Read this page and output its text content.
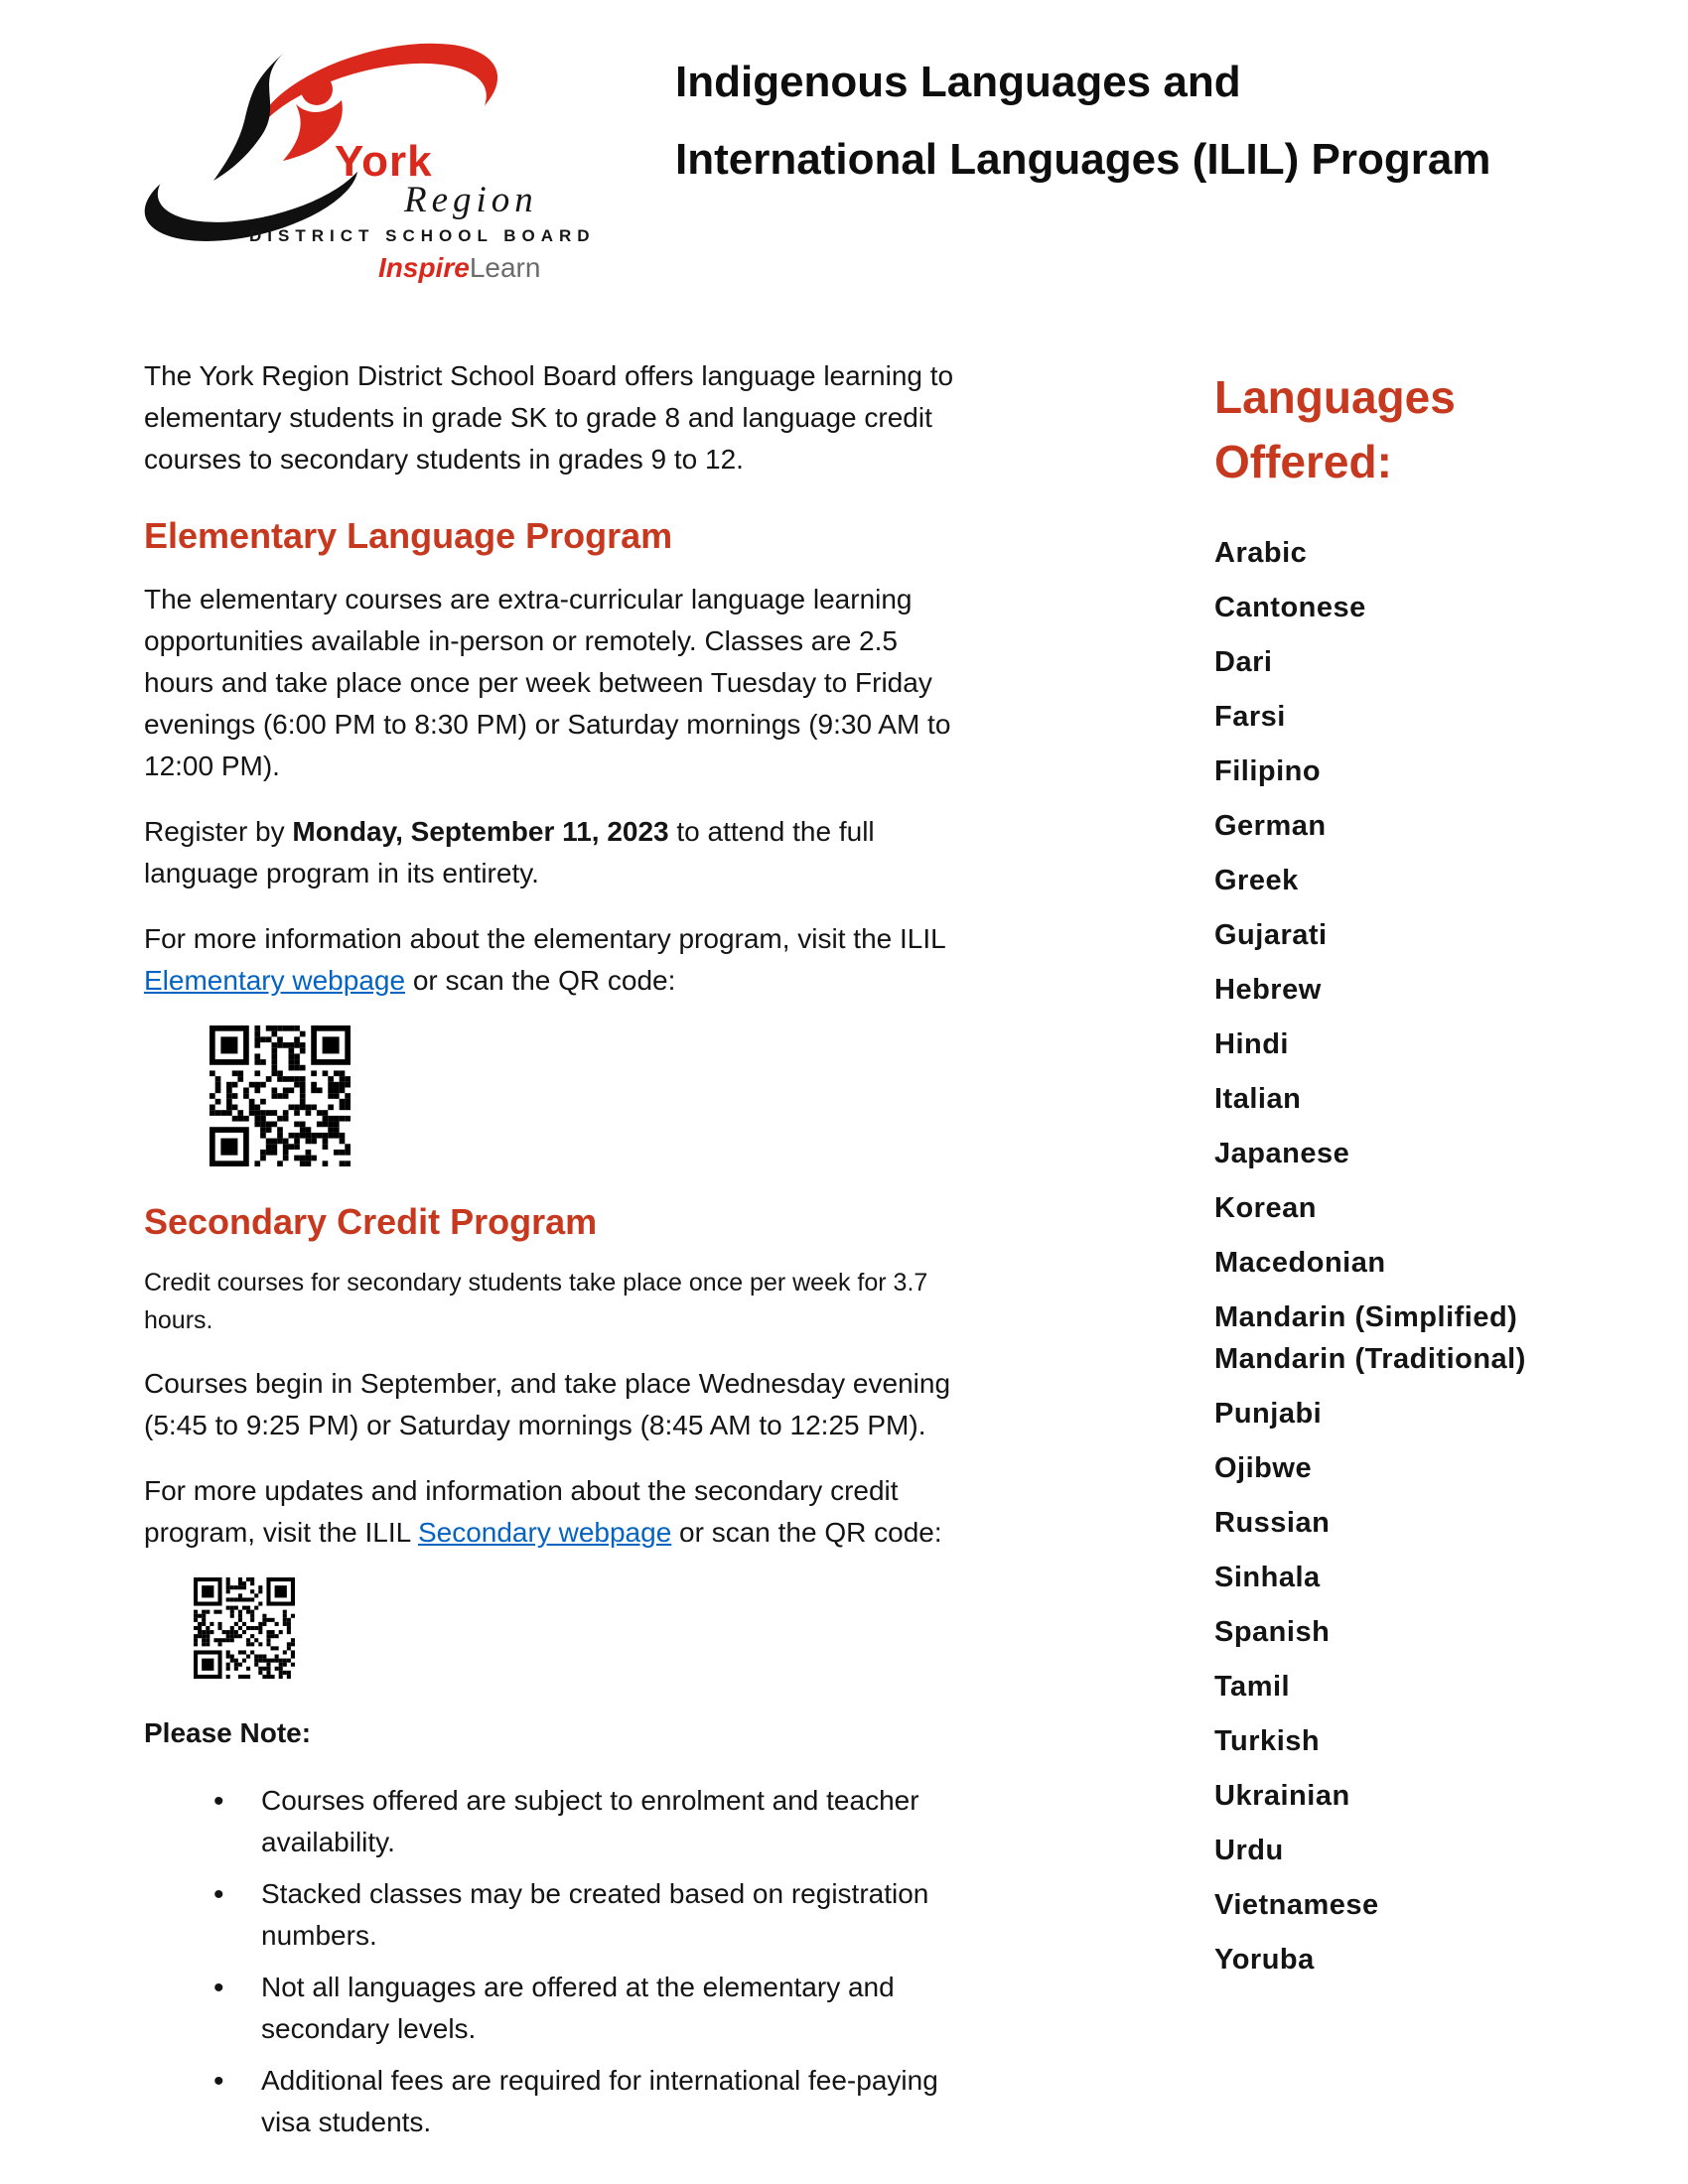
York
Region
DISTRICT SCHOOL BOARD
InspireLearn
Indigenous Languages and
International Languages (ILIL) Program

The York Region District School Board offers language learning to elementary students in grade SK to grade 8 and language credit courses to secondary students in grades 9 to 12.

Elementary Language Program

The elementary courses are extra-curricular language learning opportunities available in-person or remotely. Classes are 2.5 hours and take place once per week between Tuesday to Friday evenings (6:00 PM to 8:30 PM) or Saturday mornings (9:30 AM to 12:00 PM).

Register by Monday, September 11, 2023 to attend the full language program in its entirety.

For more information about the elementary program, visit the ILIL Elementary webpage or scan the QR code:

Secondary Credit Program

Credit courses for secondary students take place once per week for 3.7 hours.

Courses begin in September, and take place Wednesday evening (5:45 to 9:25 PM) or Saturday mornings (8:45 AM to 12:25 PM).

For more updates and information about the secondary credit program, visit the ILIL Secondary webpage or scan the QR code:

Please Note:
• Courses offered are subject to enrolment and teacher availability.
• Stacked classes may be created based on registration numbers.
• Not all languages are offered at the elementary and secondary levels.
• Additional fees are required for international fee-paying visa students.
Languages
Offered:
Arabic
Cantonese
Dari
Farsi
Filipino
German
Greek
Gujarati
Hebrew
Hindi
Italian
Japanese
Korean
Macedonian
Mandarin (Simplified)
Mandarin (Traditional)
Punjabi
Ojibwe
Russian
Sinhala
Spanish
Tamil
Turkish
Ukrainian
Urdu
Vietnamese
Yoruba
